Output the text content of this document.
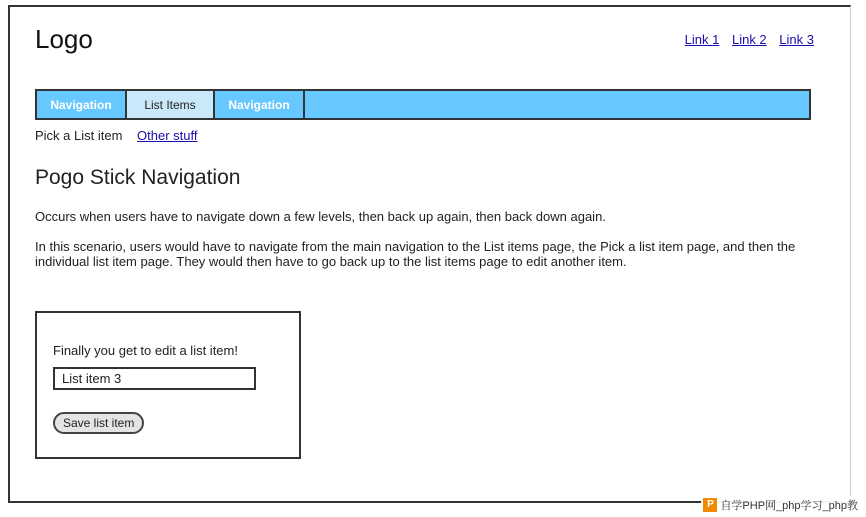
Logo	Link 1 Link 2 Link 3
Navigation	List Items	Navigation
Pick a List item Other stuff
Pogo Stick Navigation

Occurs when users have to navigate down a few levels, then back up again, then back down again.

In this scenario, users would have to navigate from the main navigation to the List items page, the Pick a list item page, and then the individual list item page. They would then have to go back up to the list items page to edit another item.

Finally you get to edit a list item!
List item 3
Save list item
P 自学PHP网_php学习_php教
